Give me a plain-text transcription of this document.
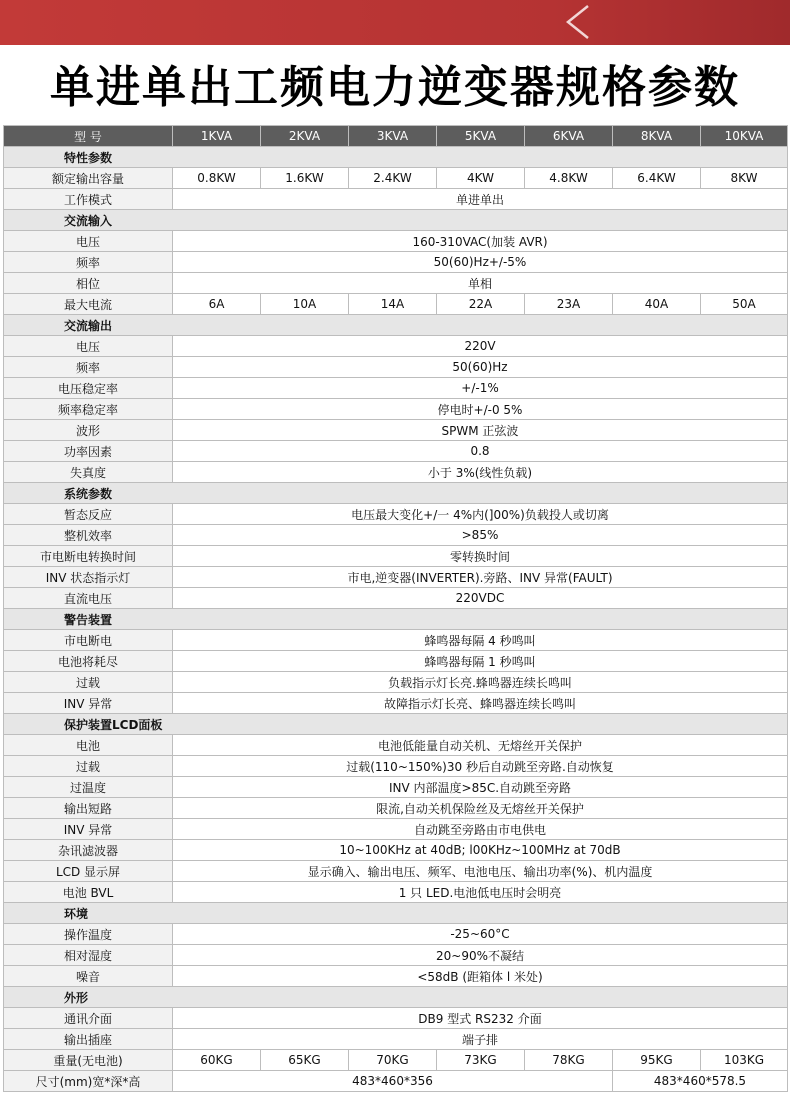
单进单出工频电力逆变器规格参数
型 号	1KVA	2KVA	3KVA	5KVA	6KVA	8KVA	10KVA
特性参数							
额定输出容量	0.8KW	1.6KW	2.4KW	4KW	4.8KW	6.4KW	8KW
工作模式	单进单出						
交流输入							
电压	160-310VAC(加装 AVR)						
频率	50(60)Hz+/-5%						
相位	单相						
最大电流	6A	10A	14A	22A	23A	40A	50A
交流输出							
电压	220V						
频率	50(60)Hz						
电压稳定率	+/-1%						
频率稳定率	停电时+/-0 5%						
波形	SPWM 正弦波						
功率因素	0.8						
失真度	小于 3%(线性负载)						
系统参数							
暂态反应	电压最大变化+/一 4%内(]00%)负载投人或切离						
整机效率	>85%						
市电断电转换时间	零转换时间						
INV 状态指示灯	市电,逆变器(INVERTER).旁路、INV 异常(FAULT)						
直流电压	220VDC						
警告装置							
市电断电	蜂鸣器每隔 4 秒鸣叫						
电池将耗尽	蜂鸣器每隔 1 秒鸣叫						
过载	负载指示灯长亮.蜂鸣器连续长鸣叫						
INV 异常	故障指示灯长亮、蜂鸣器连续长鸣叫						
保护装置LCD面板							
电池	电池低能量自动关机、无熔丝开关保护						
过载	过载(110~150%)30 秒后自动跳至旁路.自动恢复						
过温度	INV 内部温度>85C.自动跳至旁路						
输出短路	限流,自动关机保险丝及无熔丝开关保护						
INV 异常	自动跳至旁路由市电供电						
杂讯滤波器	10~100KHz at 40dB; l00KHz~100MHz at 70dB						
LCD 显示屏	显示确入、输出电压、频军、电池电压、输出功率(%)、机内温度						
电池 BVL	1 只 LED.电池低电压时会明亮						
环境							
操作温度	-25~60°C						
相对湿度	20~90%不凝结						
噪音	<58dB (距箱体 l 米处)						
外形							
通讯介面	DB9 型式 RS232 介面						
输出插座	端子排						
重量(无电池)	60KG	65KG	70KG	73KG	78KG	95KG	103KG
尺寸(mm)宽*深*高	483*460*356					483*460*578.5	
